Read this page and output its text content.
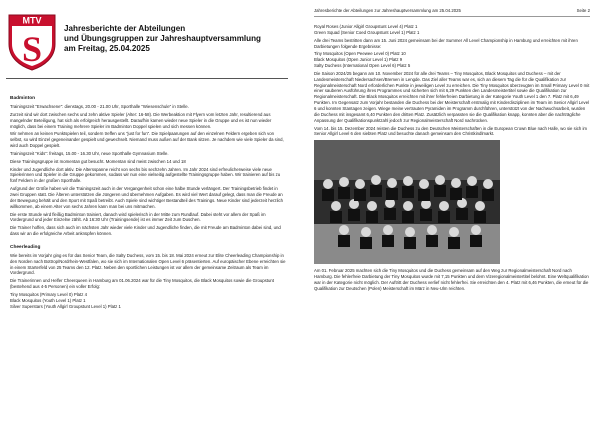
MTV
S
Jahresberichte der Abteilungen
und Übungsgruppen zur Jahreshauptversammlung
am Freitag, 25.04.2025
Badminton

Trainingszeit "Erwachsene": dienstags, 20.00 - 21.00 Uhr, Sporthalle "Wiesenschule" in Stelle.

Zurzeit sind wir dort zwischen sechs und zehn aktive Spieler (Alter: 16-58). Die Werbeaktion mit Flyern vom letzten Jahr, resultierend aus mangelnder Beteiligung, hat sich als erfolgreich herausgestellt. Daraufhin kamen wieder neue Spieler in die Gruppe und es ist nun wieder möglich, dass bei einem Training mehrere Spieler im Badminton Doppel spielen und sich messen können.

Wir nehmen an keinen Punktspielen teil, sondern treffen uns "just for fun". Die Spielpaarungen auf den einzelnen Feldern ergeben sich von selbst, so wird Einzel gegeneinander gespielt und gewechselt. Niemand muss außen auf der Bank sitzen. Je nachdem wie viele Spieler da sind, wird auch Doppel gespielt.

Trainingszeit "Kids": freitags, 15.00 - 16.30 Uhr, neue Sporthalle Gymnasium Stelle.

Diese Trainingsgruppe ist momentan gut besucht. Momentan sind meist zwischen 14 und 18

Kinder und Jugendliche dort aktiv. Die Altersspanne reicht von sechs bis sechzehn Jahren. Im Jahr 2024 sind erfreulicherweise viele neue Spielerinnen und Spieler in die Gruppe gekommen, sodass wir nun eine vielseitig aufgestellte Trainingsgruppe haben. Wir trainieren auf bis zu fünf Feldern in der großen Sporthalle.

Aufgrund der Größe haben wir die Trainingszeit auch in der Vergangenheit schon eine halbe Stunde verlängert. Der Trainingsbetrieb findet in zwei Gruppen statt. Die Älteren unterstützen die Jüngeren und übernehmen Aufgaben. Es wird viel Wert darauf gelegt, dass man die Freude an der Bewegung behält und den Sport mit Spaß betreibt. Auch Spiele sind wichtiger Bestandteil des Trainings. Neue Kinder sind jederzeit herzlich willkommen, ab einem Alter von sechs Jahren kann man bei uns mitmachen.

Die erste Stunde wird fleißig Badminton trainiert, danach wird spielerisch in der Mitte zum Rundlauf. Dabei steht vor allem der Spaß im Vordergrund und jeder Einzelne zählt. Ab 16:30 Uhr (Trainingsende) ist es immer Zeit zum Duschen.

Die Trainer hoffen, dass sich auch im nächsten Jahr wieder viele Kinder und Jugendliche finden, die mit Freude am Badminton dabei sind, und dass wir an die erfolgreiche Arbeit anknüpfen können.

Cheerleading

Wie bereits im Vorjahr ging es für das Senior Team, die Salty Duchess, vom 15. bis 18. Mai 2024 erneut zur Elite Cheerleading Championship in den Norden nach Bottrop/Nordrhein-Westfalen, wo sie sich im Internationalen Open Level 6 präsentierten. Auf europäischer Ebene erreichten sie in einem Starterfeld von 25 Teams den 12. Platz. Neben den sportlichen Leistungen ist vor allem der gemeinsame Zeitraum als Team im Vordergrund.

Die Trainerinnen und Helfer Cheerqueen in Hamburg am 01.06.2024 war für die Tiny Mosquitos, die Black Mosquitos sowie die Groupstunt (bestehend aus 4-5 Personen) ein voller Erfolg:

Tiny Mosquitos (Primary Level 0) Platz 4

Black Mosquitos (Youth Level 1) Platz 1

Silver Superstars (Youth Allgirl Groupstunt Level 1) Platz 1

Jahresberichte der Abteilungen zur Jahreshauptversammlung am 25.04.2025	Seite 2

Royal Roses (Junior Allgirl Groupstunt Level 4) Platz 1

Green Squad (Senior Coed Groupstunt Level 1) Platz 1

Alle drei Teams bestritten dann am 15. Juni 2024 gemeinsam bei der Summer All Level Championship in Hamburg und erreichten mit ihren Darbietungen folgende Ergebnisse:

Tiny Mosquitos (Open Peewee Level 0) Platz 10

Black Mosquitos (Open Junior Level 1) Platz 9

Salty Duchess (International Open Level 6) Platz 5

Die Saison 2024/25 begann am 10. November 2024 für alle drei Teams – Tiny Mosquitos, Black Mosquitos und Duchess – mit der Landesmeisterschaft Niedersachsen/Bremen in Lengde. Das Ziel aller Teams war es, sich an diesem Tag die für die Qualifikation zur Regionalmeisterschaft Nord erforderlichen Punkte in jeweiligen Level zu erreichen. Die Tiny Mosquitos überzeugten im Small Primary Level 0 mit einer sauberen Ausführung ihres Programmes und sicherten sich mit 6,29 Punkten den Landesmeistertitel sowie die Qualifikation zur Regionalmeisterschaft. Die Black Mosquitos erreichten mit ihrer fehlerfreien Darbietung in der Kategorie Youth Level 1 den 7. Platz mit 6,49 Punkten. Im Gegensatz zum Vorjahr bestanden die Duchess bei der Meisterschaft erstmalig mit Kinderdisziplinen im Team im Senior Allgirl Level 6 und konnten Stantagen zeigen. Wiege meine vertrauten Pyramiden im Programm durchführen, unterstützt von der Nachwuchsarbeit, wurden die Duchess mit insgesamt 6,40 Punkten den dritten Platz. Zusätzlich verpassten sie die Qualifikation knapp, konnten aber die nachträgliche Anpassung der Qualifikationspunktzahl jedoch zur Regionalmeisterschaft Nord nachrücken.

Vom 14. bis 15. Dezember 2024 reisten die Duchess zu den Deutschen Meisterschaften in die European Crown Blue nach Halle, wo sie sich im Senior Allgirl Level 6 den siebten Platz und besuchte danach gemeinsam den Christkindlmarkt.

Am 01. Februar 2025 machten sich die Tiny Mosquitos und die Duchess gemeinsam auf den Weg zur Regionalmeisterschaft Nord nach Hamburg. Die fehlerfreie Darbietung der Tiny Mosquitos wurde mit 7,15 Punkten und dem Vizeregionalmeistertitel belohnt. Eine Weltqualifikation war in der Kategorie nicht möglich. Der Auftritt der Duchess verlief nicht fehlerfrei. Sie erreichten den 4. Platz mit 6,46 Punkten, die erneut für die Qualifikation zur Deutschen (Polen) Meisterschaft im März in Neu-Ulm reichten.
